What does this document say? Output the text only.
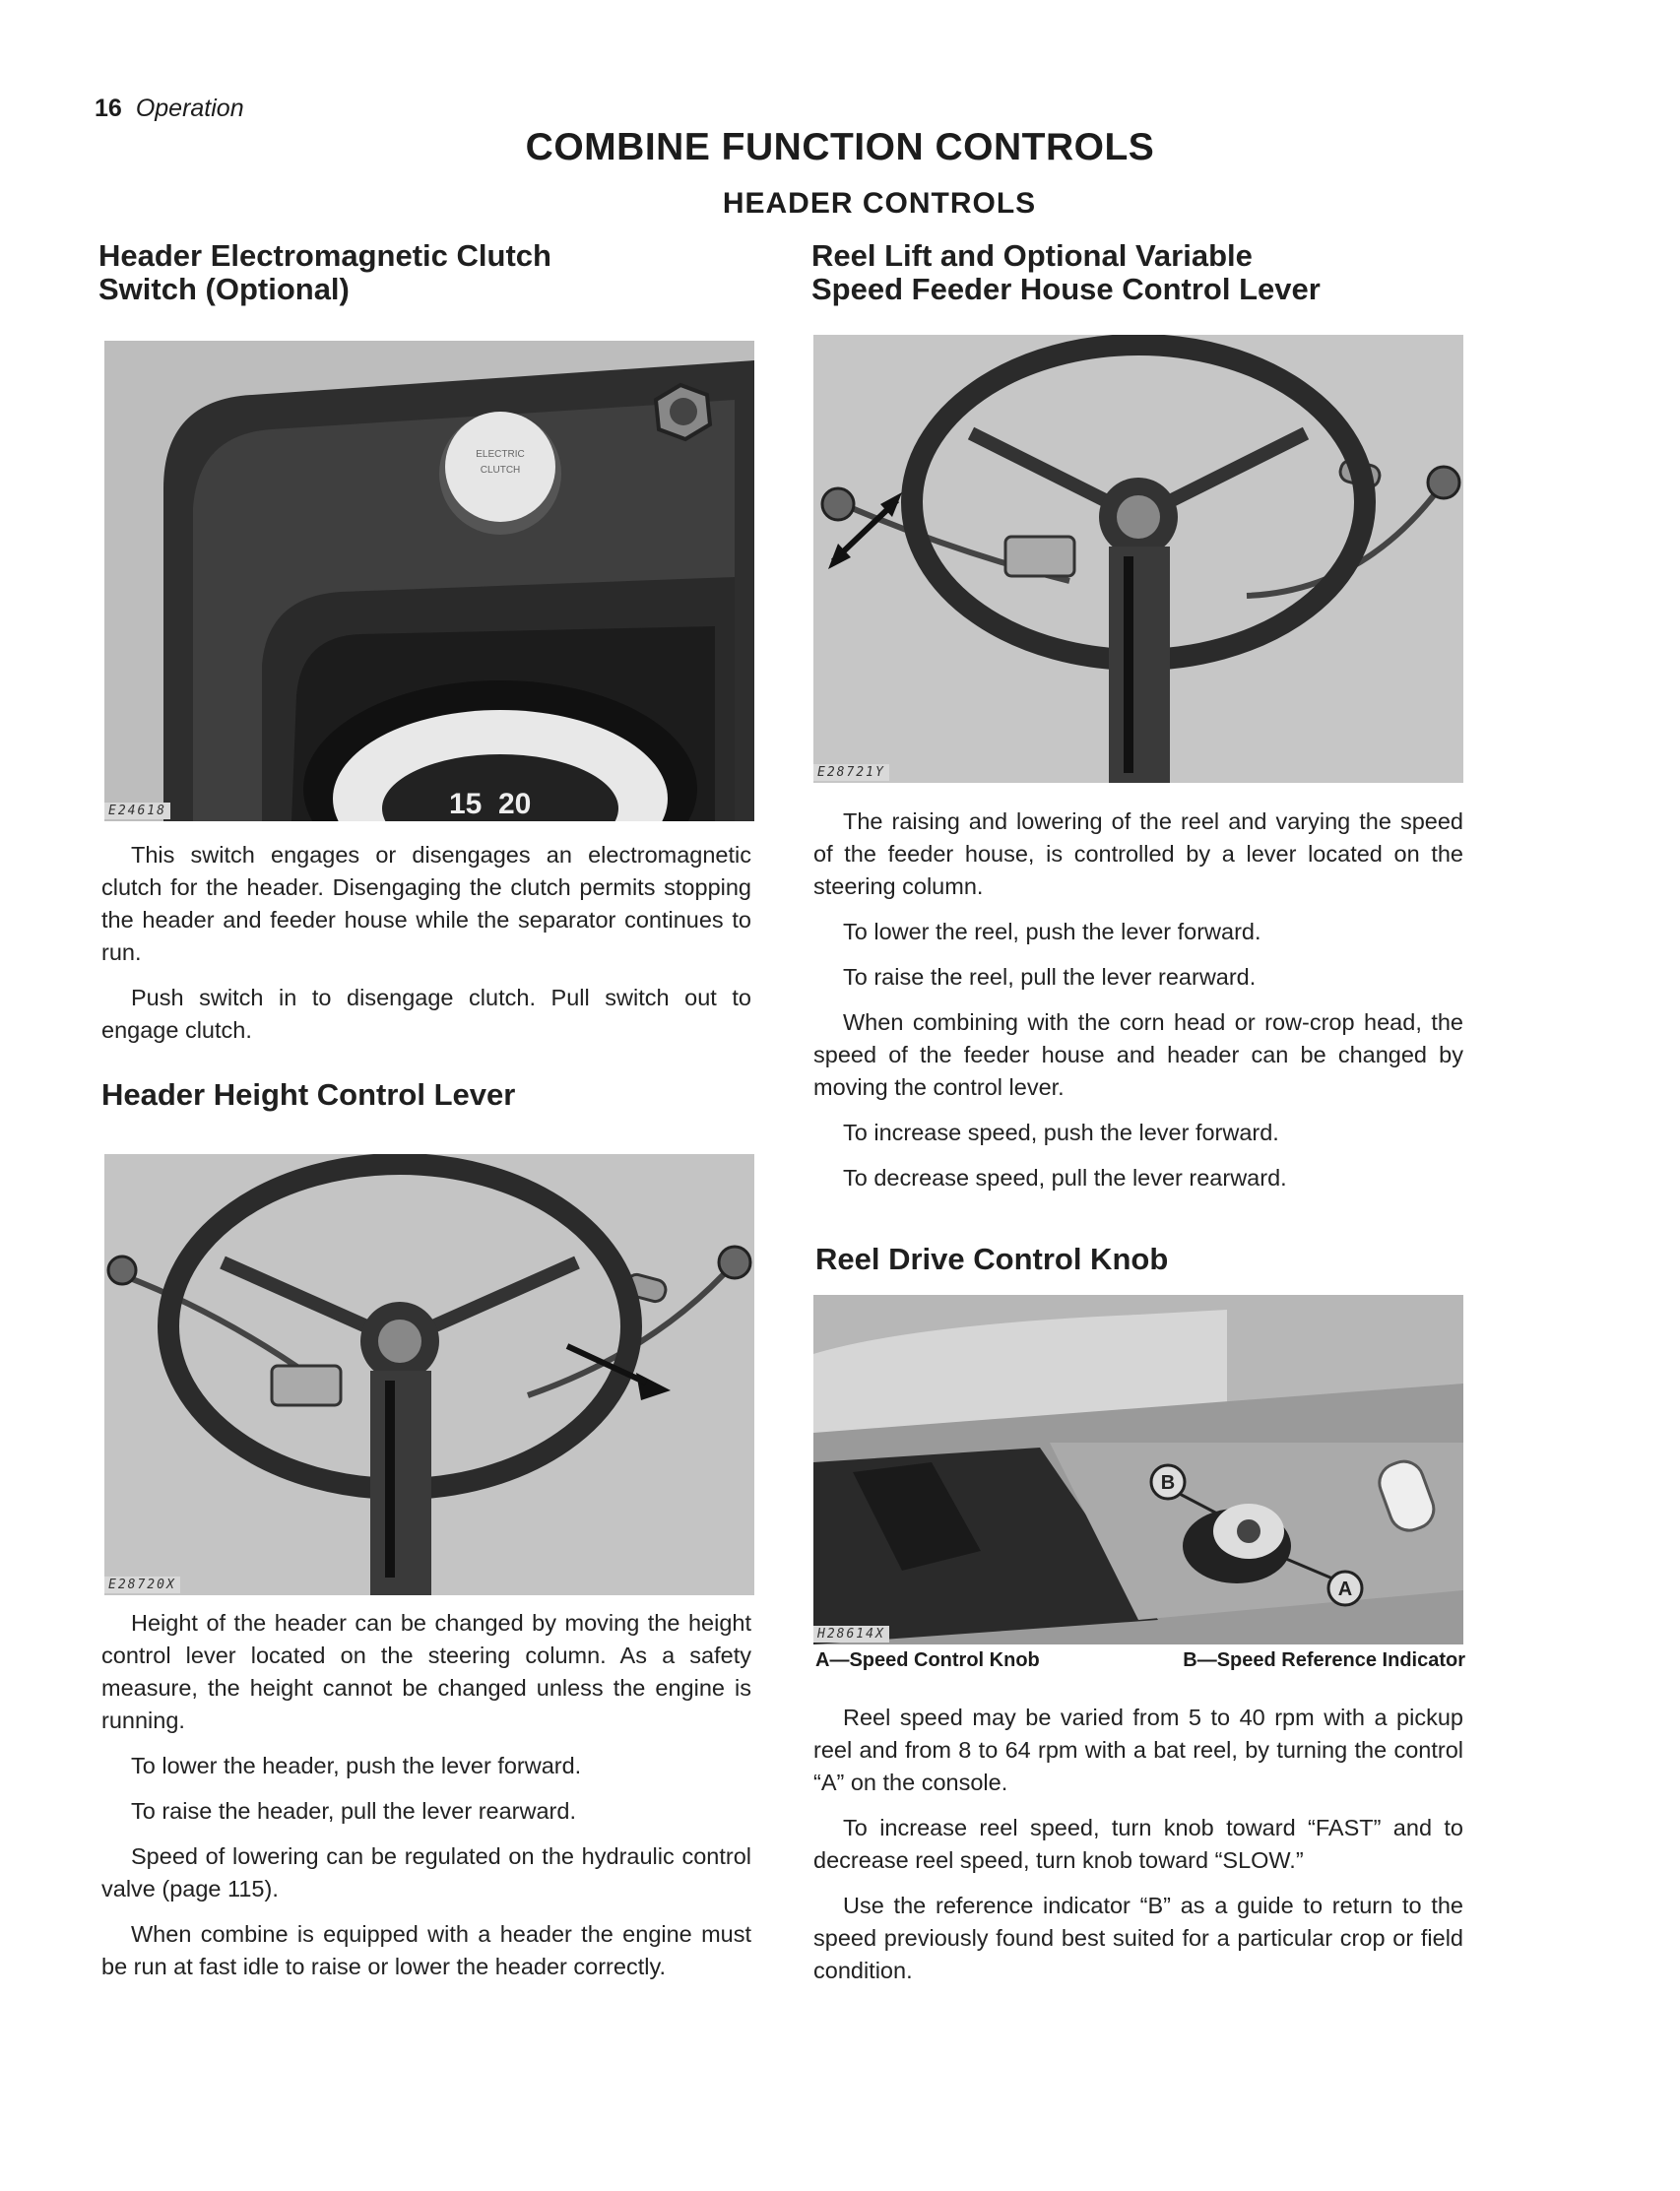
16 Operation
COMBINE FUNCTION CONTROLS
HEADER CONTROLS
Header Electromagnetic Clutch
Switch (Optional)
15 20
ELECTRIC
CLUTCH
E24618

This switch engages or disengages an electromagnetic clutch for the header. Disengaging the clutch permits stopping the header and feeder house while the separator continues to run.

Push switch in to disengage clutch. Pull switch out to engage clutch.

Header Height Control Lever
E28720X

Height of the header can be changed by moving the height control lever located on the steering column. As a safety measure, the height cannot be changed unless the engine is running.

To lower the header, push the lever forward.

To raise the header, pull the lever rearward.

Speed of lowering can be regulated on the hydraulic control valve (page 115).

When combine is equipped with a header the engine must be run at fast idle to raise or lower the header correctly.

Reel Lift and Optional Variable
Speed Feeder House Control Lever
E28721Y

The raising and lowering of the reel and varying the speed of the feeder house, is controlled by a lever located on the steering column.

To lower the reel, push the lever forward.

To raise the reel, pull the lever rearward.

When combining with the corn head or row-crop head, the speed of the feeder house and header can be changed by moving the control lever.

To increase speed, push the lever forward.

To decrease speed, pull the lever rearward.

Reel Drive Control Knob
B
A
H28614X
A—Speed Control Knob	B—Speed Reference Indicator

Reel speed may be varied from 5 to 40 rpm with a pickup reel and from 8 to 64 rpm with a bat reel, by turning the control “A” on the console.

To increase reel speed, turn knob toward “FAST” and to decrease reel speed, turn knob toward “SLOW.”

Use the reference indicator “B” as a guide to return to the speed previously found best suited for a particular crop or field condition.
